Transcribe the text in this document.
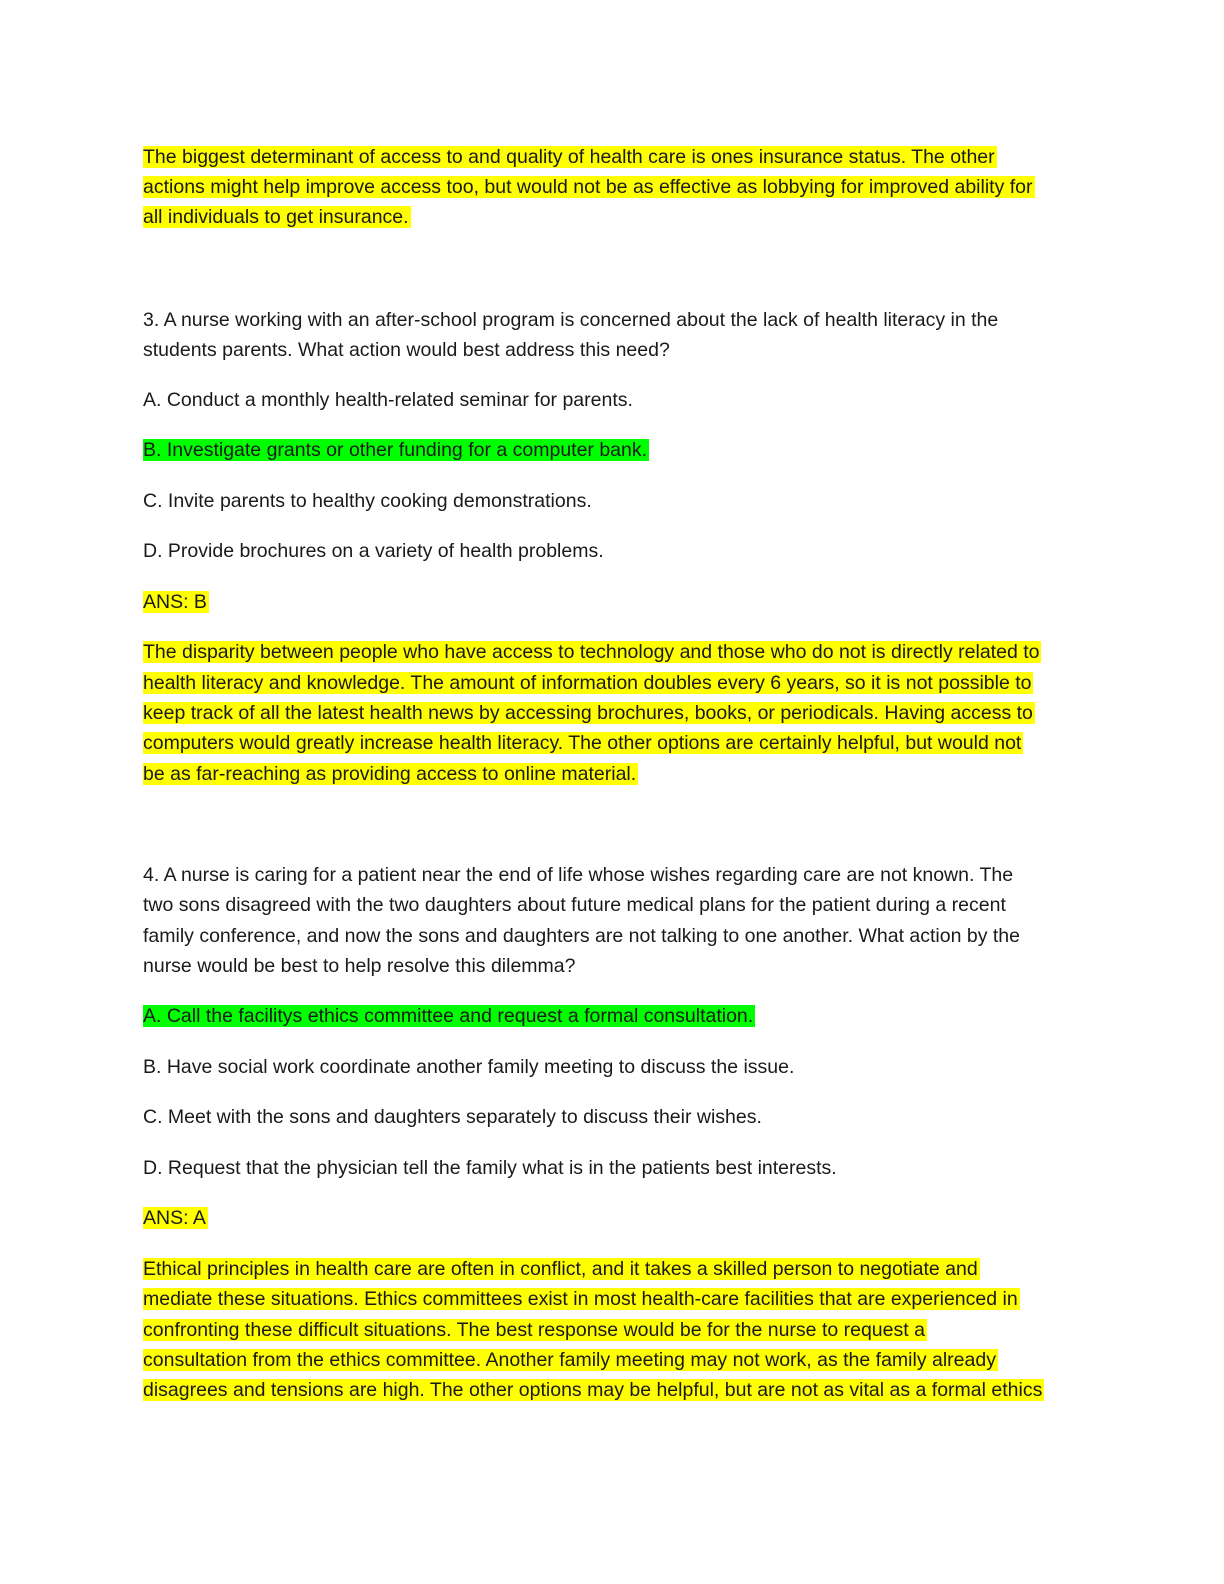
The biggest determinant of access to and quality of health care is ones insurance status. The other
actions might help improve access too, but would not be as effective as lobbying for improved ability for
all individuals to get insurance.
3. A nurse working with an after-school program is concerned about the lack of health literacy in the
students parents. What action would best address this need?
A. Conduct a monthly health-related seminar for parents.
B. Investigate grants or other funding for a computer bank.
C. Invite parents to healthy cooking demonstrations.
D. Provide brochures on a variety of health problems.
ANS: B
The disparity between people who have access to technology and those who do not is directly related to
health literacy and knowledge. The amount of information doubles every 6 years, so it is not possible to
keep track of all the latest health news by accessing brochures, books, or periodicals. Having access to
computers would greatly increase health literacy. The other options are certainly helpful, but would not
be as far-reaching as providing access to online material.
4. A nurse is caring for a patient near the end of life whose wishes regarding care are not known. The
two sons disagreed with the two daughters about future medical plans for the patient during a recent
family conference, and now the sons and daughters are not talking to one another. What action by the
nurse would be best to help resolve this dilemma?
A. Call the facilitys ethics committee and request a formal consultation.
B. Have social work coordinate another family meeting to discuss the issue.
C. Meet with the sons and daughters separately to discuss their wishes.
D. Request that the physician tell the family what is in the patients best interests.
ANS: A
Ethical principles in health care are often in conflict, and it takes a skilled person to negotiate and
mediate these situations. Ethics committees exist in most health-care facilities that are experienced in
confronting these difficult situations. The best response would be for the nurse to request a
consultation from the ethics committee. Another family meeting may not work, as the family already
disagrees and tensions are high. The other options may be helpful, but are not as vital as a formal ethics
